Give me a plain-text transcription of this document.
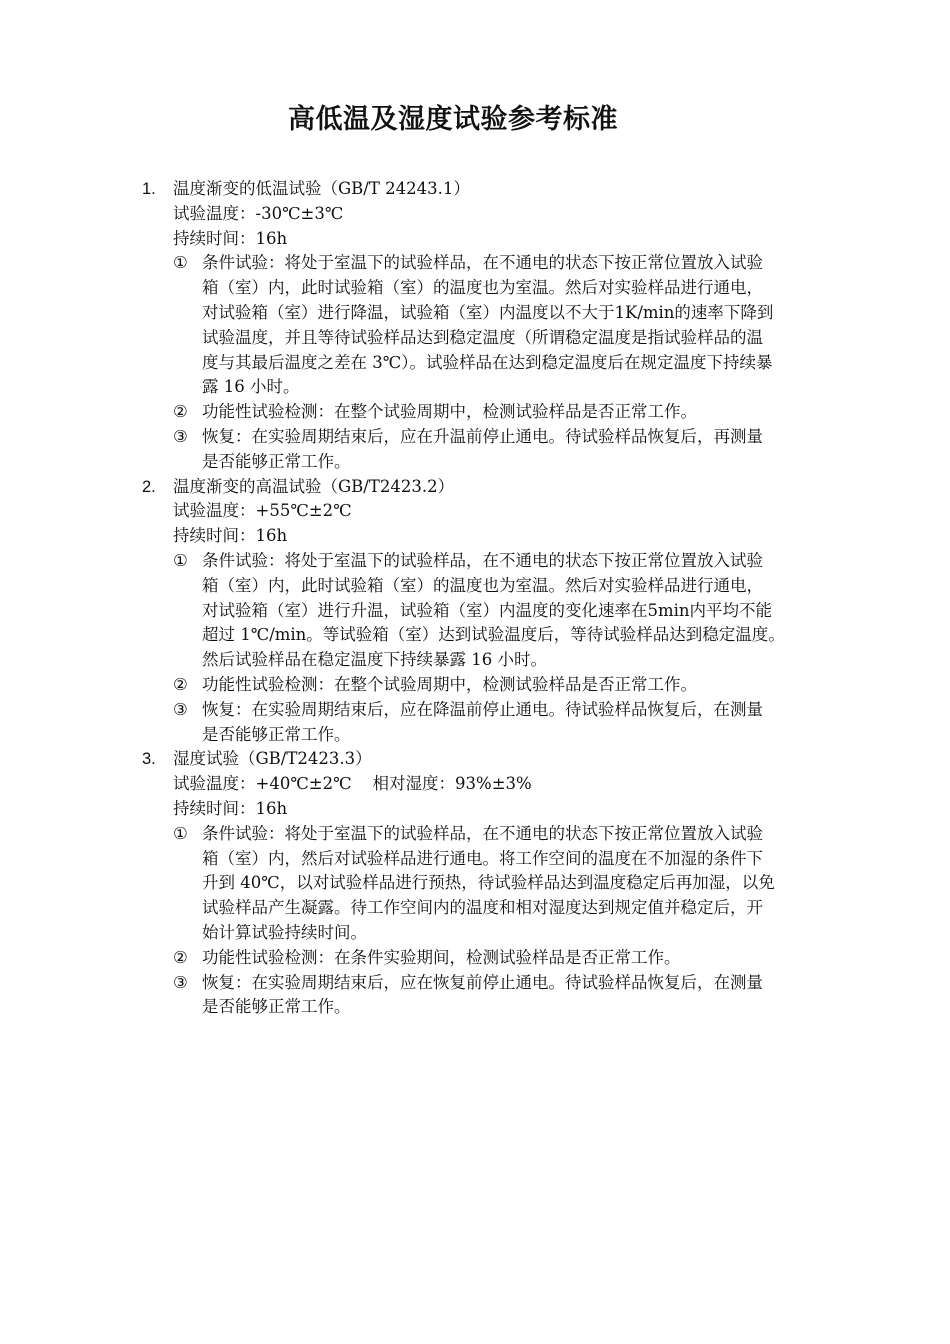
高低温及湿度试验参考标准
1.	温度渐变的低温试验（GB/T 24243.1）
试验温度：-30℃±3℃
持续时间：16h
① 条件试验：将处于室温下的试验样品，在不通电的状态下按正常位置放入试验
箱（室）内，此时试验箱（室）的温度也为室温。然后对实验样品进行通电，
对试验箱（室）进行降温，试验箱（室）内温度以不大于1K/min的速率下降到
试验温度，并且等待试验样品达到稳定温度（所谓稳定温度是指试验样品的温
度与其最后温度之差在 3℃）。试验样品在达到稳定温度后在规定温度下持续暴
露 16 小时。
② 功能性试验检测：在整个试验周期中，检测试验样品是否正常工作。
③ 恢复：在实验周期结束后，应在升温前停止通电。待试验样品恢复后，再测量
是否能够正常工作。
2.	温度渐变的高温试验（GB/T2423.2）
试验温度：+55℃±2℃
持续时间：16h
① 条件试验：将处于室温下的试验样品，在不通电的状态下按正常位置放入试验
箱（室）内，此时试验箱（室）的温度也为室温。然后对实验样品进行通电，
对试验箱（室）进行升温，试验箱（室）内温度的变化速率在5min内平均不能
超过 1℃/min。等试验箱（室）达到试验温度后，等待试验样品达到稳定温度。
然后试验样品在稳定温度下持续暴露 16 小时。
② 功能性试验检测：在整个试验周期中，检测试验样品是否正常工作。
③ 恢复：在实验周期结束后，应在降温前停止通电。待试验样品恢复后，在测量
是否能够正常工作。
3.	湿度试验（GB/T2423.3）
试验温度：+40℃±2℃    相对湿度：93%±3%
持续时间：16h
① 条件试验：将处于室温下的试验样品，在不通电的状态下按正常位置放入试验
箱（室）内，然后对试验样品进行通电。将工作空间的温度在不加湿的条件下
升到 40℃，以对试验样品进行预热，待试验样品达到温度稳定后再加湿，以免
试验样品产生凝露。待工作空间内的温度和相对湿度达到规定值并稳定后，开
始计算试验持续时间。
② 功能性试验检测：在条件实验期间，检测试验样品是否正常工作。
③ 恢复：在实验周期结束后，应在恢复前停止通电。待试验样品恢复后，在测量
是否能够正常工作。
